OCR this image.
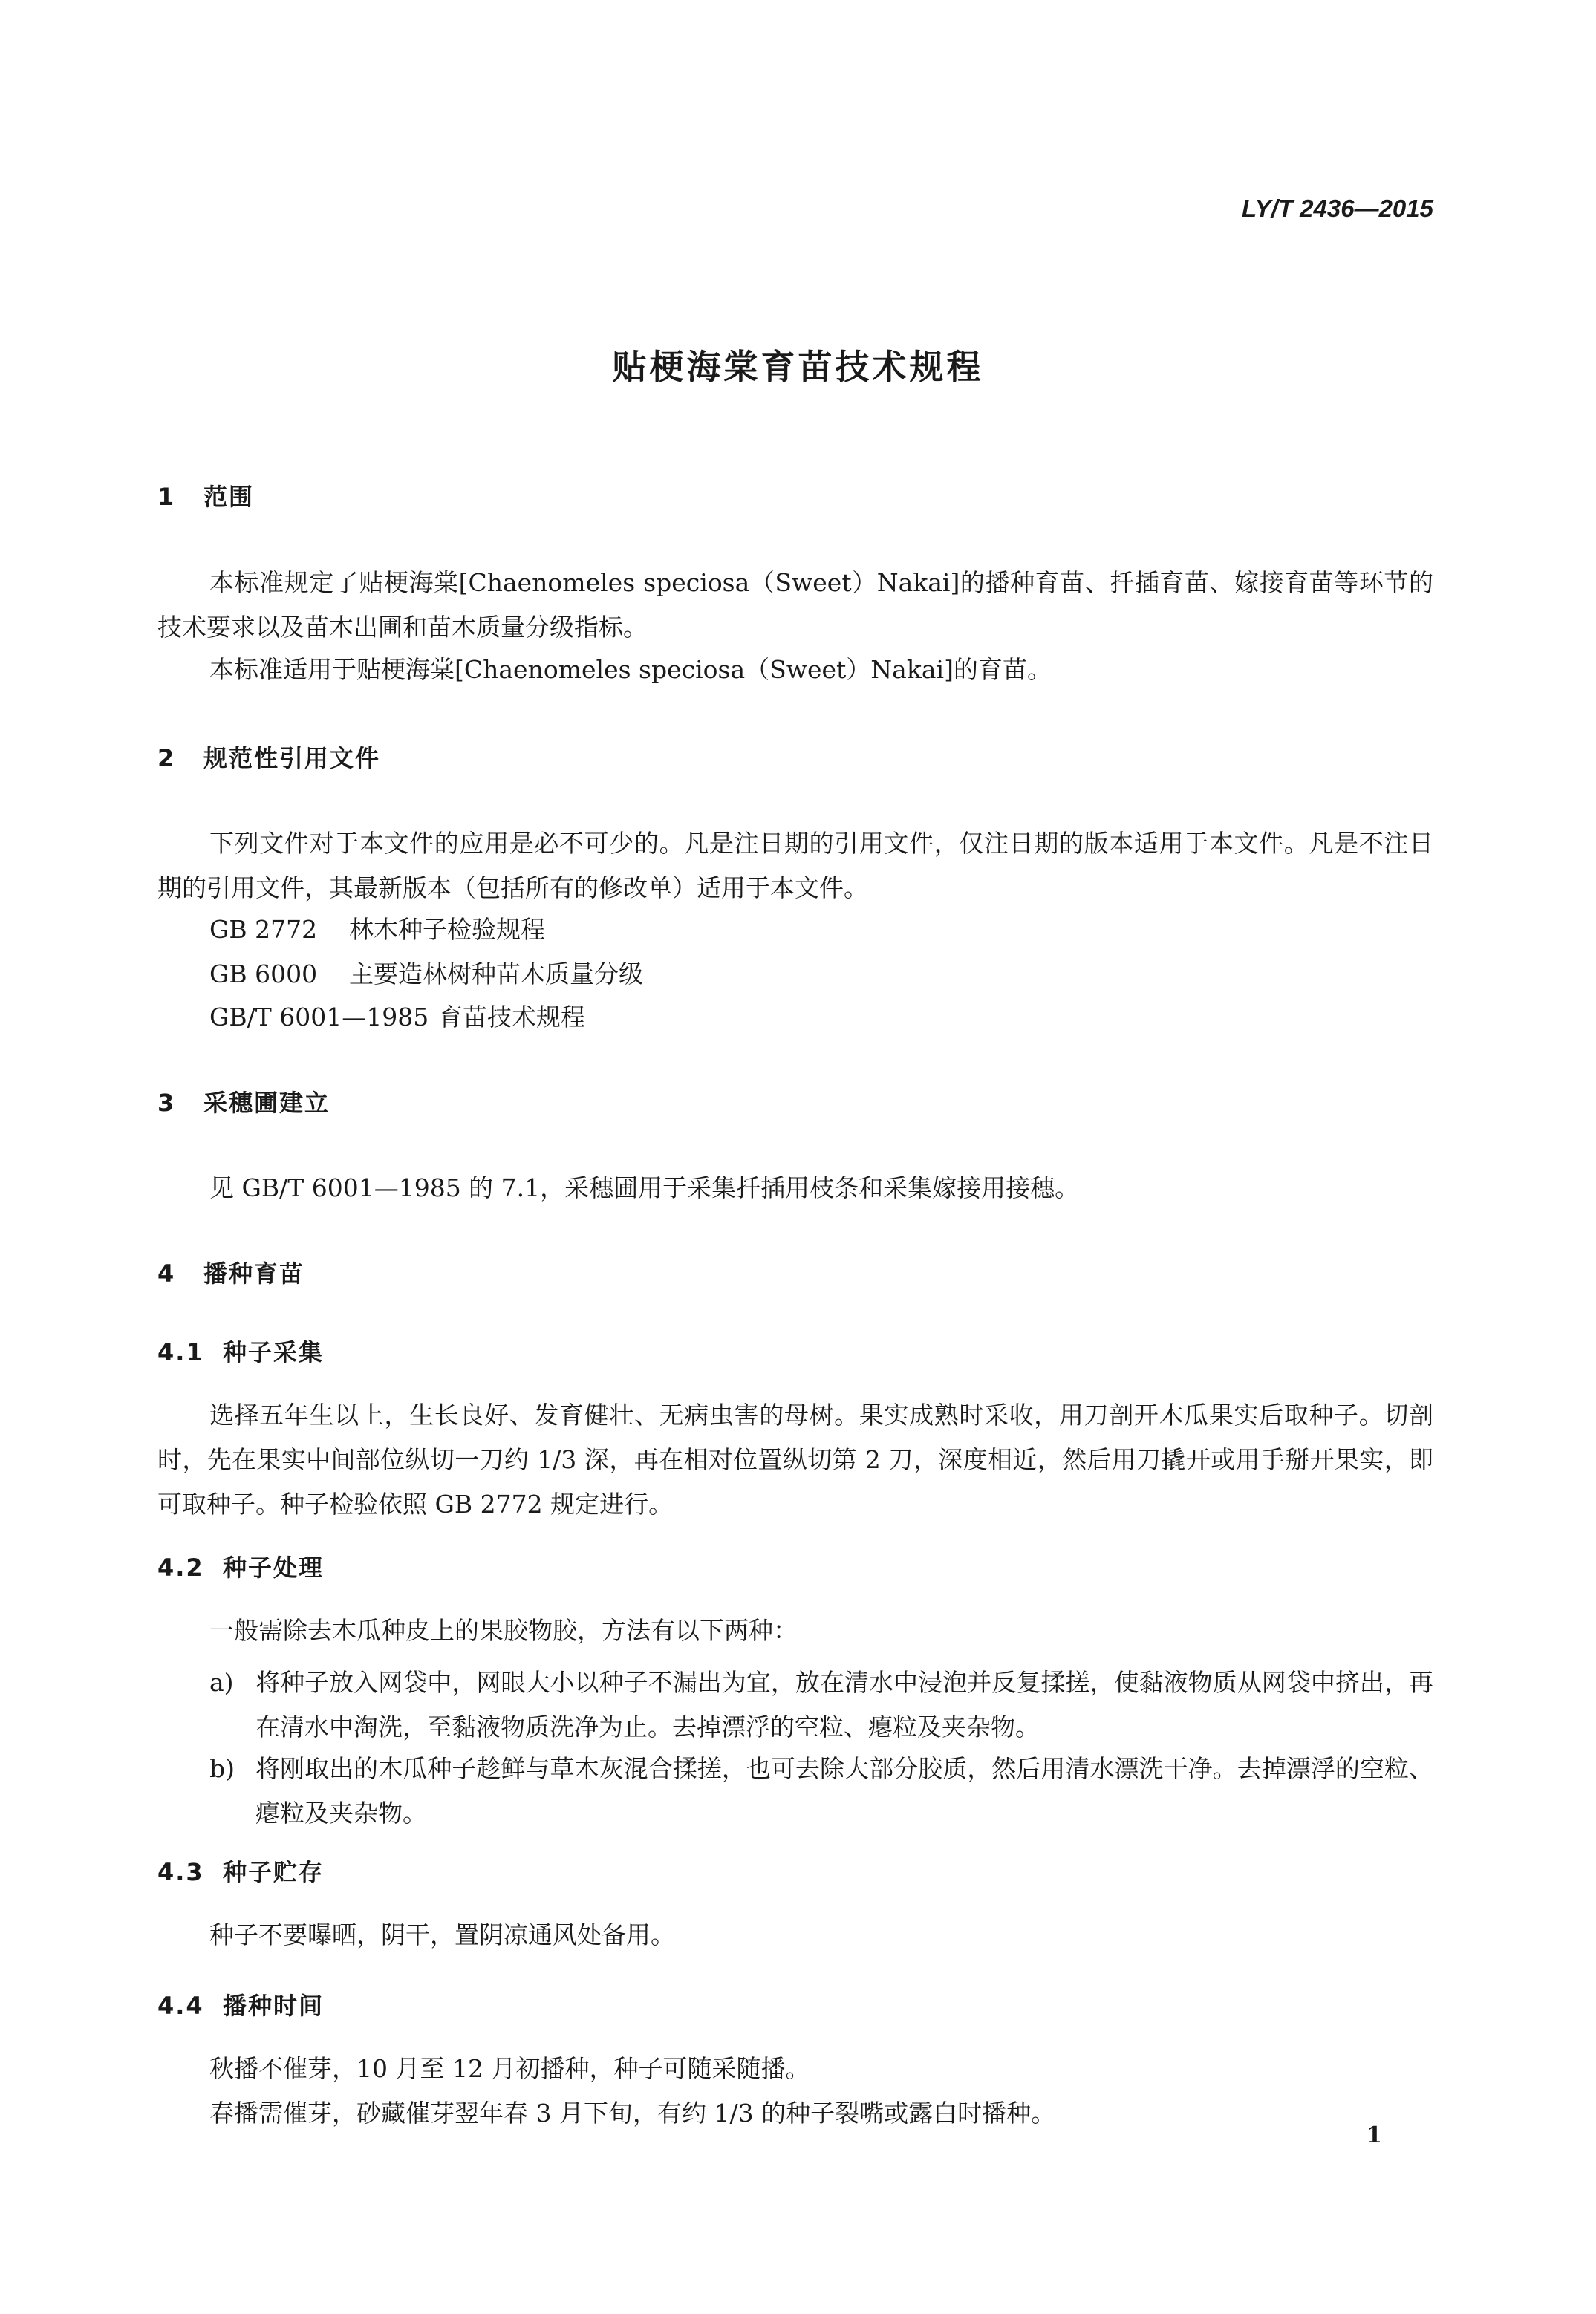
LY/T 2436—2015
贴梗海棠育苗技术规程
1 范围
本标准规定了贴梗海棠[Chaenomeles speciosa（Sweet）Nakai]的播种育苗、扦插育苗、嫁接育苗等环节的技术要求以及苗木出圃和苗木质量分级指标。
本标准适用于贴梗海棠[Chaenomeles speciosa（Sweet）Nakai]的育苗。
2 规范性引用文件
下列文件对于本文件的应用是必不可少的。凡是注日期的引用文件，仅注日期的版本适用于本文件。凡是不注日期的引用文件，其最新版本（包括所有的修改单）适用于本文件。
GB 2772 林木种子检验规程
GB 6000 主要造林树种苗木质量分级
GB/T 6001—1985 育苗技术规程
3 采穗圃建立
见 GB/T 6001—1985 的 7.1，采穗圃用于采集扦插用枝条和采集嫁接用接穗。
4 播种育苗
4.1 种子采集
选择五年生以上，生长良好、发育健壮、无病虫害的母树。果实成熟时采收，用刀剖开木瓜果实后取种子。切剖时，先在果实中间部位纵切一刀约 1/3 深，再在相对位置纵切第 2 刀，深度相近，然后用刀撬开或用手掰开果实，即可取种子。种子检验依照 GB 2772 规定进行。
4.2 种子处理
一般需除去木瓜种皮上的果胶物胶，方法有以下两种：
a) 将种子放入网袋中，网眼大小以种子不漏出为宜，放在清水中浸泡并反复揉搓，使黏液物质从网袋中挤出，再在清水中淘洗，至黏液物质洗净为止。去掉漂浮的空粒、瘪粒及夹杂物。
b) 将刚取出的木瓜种子趁鲜与草木灰混合揉搓，也可去除大部分胶质，然后用清水漂洗干净。去掉漂浮的空粒、瘪粒及夹杂物。
4.3 种子贮存
种子不要曝晒，阴干，置阴凉通风处备用。
4.4 播种时间
秋播不催芽，10 月至 12 月初播种，种子可随采随播。
春播需催芽，砂藏催芽翌年春 3 月下旬，有约 1/3 的种子裂嘴或露白时播种。
1
